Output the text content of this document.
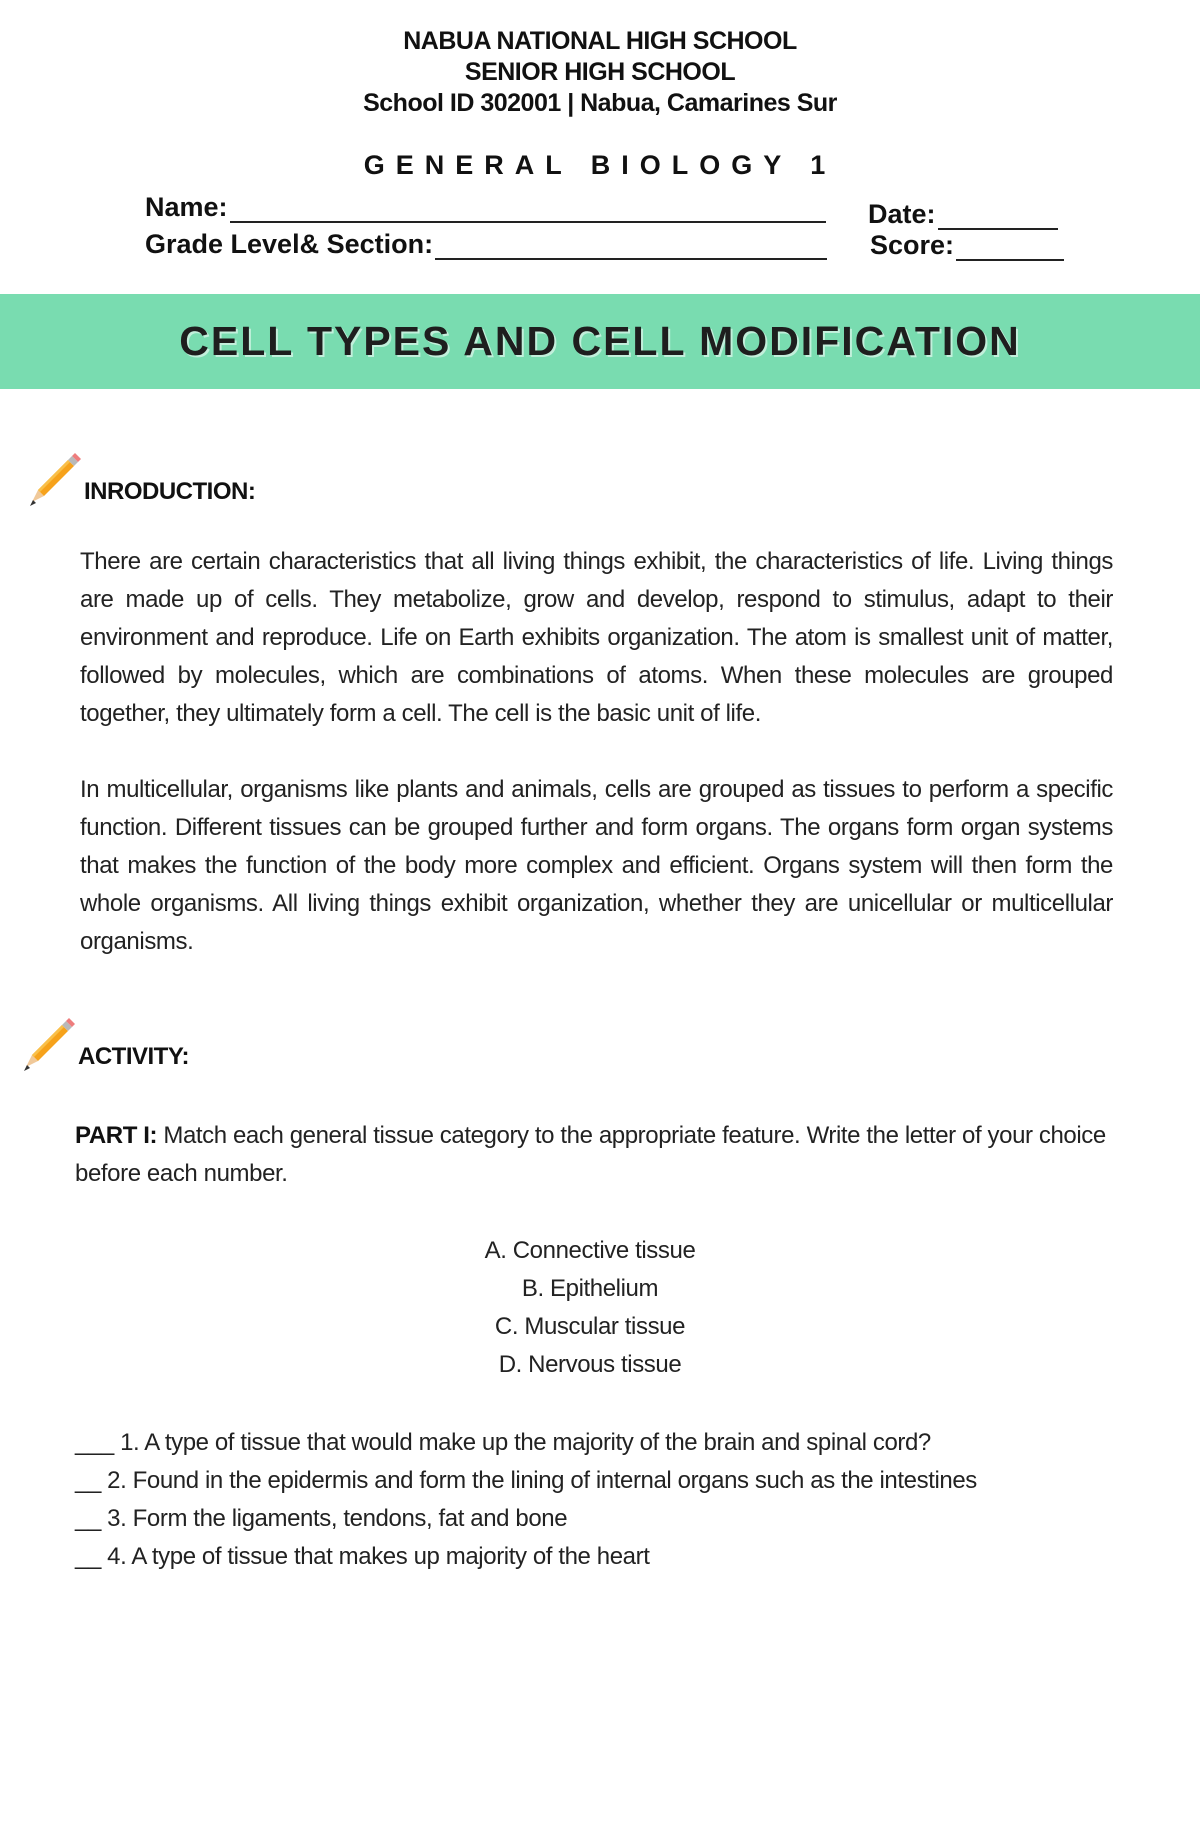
NABUA NATIONAL HIGH SCHOOL
SENIOR HIGH SCHOOL
School ID 302001 | Nabua, Camarines Sur
GENERAL BIOLOGY 1
Name:
Grade Level& Section:
Date:
Score:
CELL TYPES AND CELL MODIFICATION
INRODUCTION:
There are certain characteristics that all living things exhibit, the characteristics of life. Living things are made up of cells. They metabolize, grow and develop, respond to stimulus, adapt to their environment and reproduce. Life on Earth exhibits organization. The atom is smallest unit of matter, followed by molecules, which are combinations of atoms. When these molecules are grouped together, they ultimately form a cell. The cell is the basic unit of life.
In multicellular, organisms like plants and animals, cells are grouped as tissues to perform a specific function. Different tissues can be grouped further and form organs. The organs form organ systems that makes the function of the body more complex and efficient. Organs system will then form the whole organisms. All living things exhibit organization, whether they are unicellular or multicellular organisms.
ACTIVITY:
PART I: Match each general tissue category to the appropriate feature. Write the letter of your choice before each number.
A. Connective tissue
B. Epithelium
C. Muscular tissue
D. Nervous tissue
___ 1. A type of tissue that would make up the majority of the brain and spinal cord?
__ 2. Found in the epidermis and form the lining of internal organs such as the intestines
__ 3. Form the ligaments, tendons, fat and bone
__ 4. A type of tissue that makes up majority of the heart
